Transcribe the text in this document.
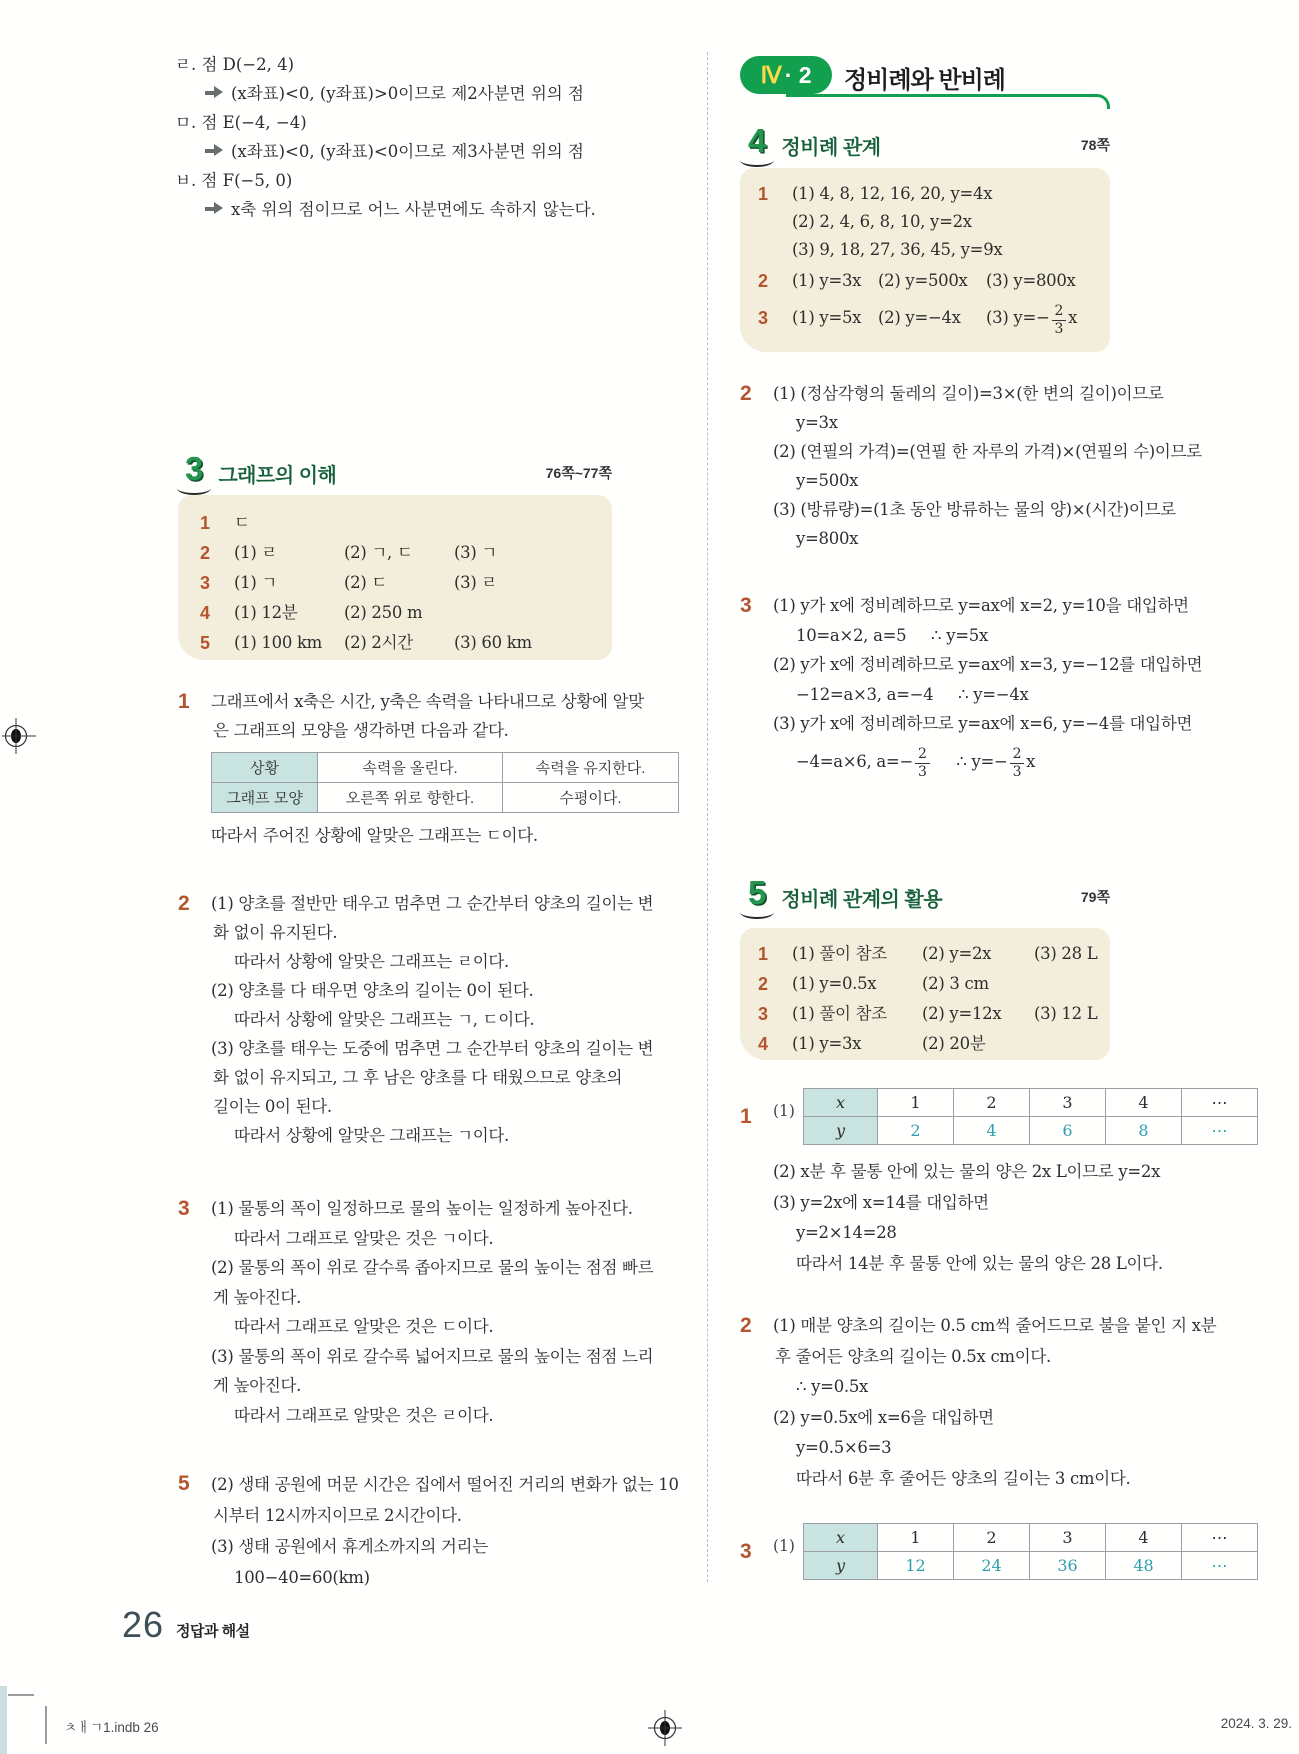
ㄹ. 점 D(−2, 4)
(x좌표)<0, (y좌표)>0이므로 제2사분면 위의 점
ㅁ. 점 E(−4, −4)
(x좌표)<0, (y좌표)<0이므로 제3사분면 위의 점
ㅂ. 점 F(−5, 0)
x축 위의 점이므로 어느 사분면에도 속하지 않는다.
3 그래프의 이해	76쪽~77쪽
1	ㄷ
2	(1) ㄹ	(2) ㄱ, ㄷ	(3) ㄱ
3	(1) ㄱ	(2) ㄷ	(3) ㄹ
4	(1) 12분	(2) 250 m
5	(1) 100 km	(2) 2시간	(3) 60 km
1 그래프에서 x축은 시간, y축은 속력을 나타내므로 상황에 알맞
은 그래프의 모양을 생각하면 다음과 같다.
상황	속력을 올린다.	속력을 유지한다.
그래프 모양	오른쪽 위로 향한다.	수평이다.
따라서 주어진 상황에 알맞은 그래프는 ㄷ이다.
2 (1) 양초를 절반만 태우고 멈추면 그 순간부터 양초의 길이는 변
화 없이 유지된다.
따라서 상황에 알맞은 그래프는 ㄹ이다.
(2) 양초를 다 태우면 양초의 길이는 0이 된다.
따라서 상황에 알맞은 그래프는 ㄱ, ㄷ이다.
(3) 양초를 태우는 도중에 멈추면 그 순간부터 양초의 길이는 변
화 없이 유지되고, 그 후 남은 양초를 다 태웠으므로 양초의
길이는 0이 된다.
따라서 상황에 알맞은 그래프는 ㄱ이다.
3 (1) 물통의 폭이 일정하므로 물의 높이는 일정하게 높아진다.
따라서 그래프로 알맞은 것은 ㄱ이다.
(2) 물통의 폭이 위로 갈수록 좁아지므로 물의 높이는 점점 빠르
게 높아진다.
따라서 그래프로 알맞은 것은 ㄷ이다.
(3) 물통의 폭이 위로 갈수록 넓어지므로 물의 높이는 점점 느리
게 높아진다.
따라서 그래프로 알맞은 것은 ㄹ이다.
5 (2) 생태 공원에 머문 시간은 집에서 떨어진 거리의 변화가 없는 10
시부터 12시까지이므로 2시간이다.
(3) 생태 공원에서 휴게소까지의 거리는
100−40=60(km)
Ⅳ · 2 정비례와 반비례
4 정비례 관계	78쪽
1	(1) 4, 8, 12, 16, 20, y=4x
(2) 2, 4, 6, 8, 10, y=2x
(3) 9, 18, 27, 36, 45, y=9x
2	(1) y=3x	(2) y=500x	(3) y=800x
3	(1) y=5x	(2) y=−4x	(3) $y=- \frac{2}{3}$ x
2 (1) (정삼각형의 둘레의 길이)=3×(한 변의 길이)이므로
y=3x
(2) (연필의 가격)=(연필 한 자루의 가격)×(연필의 수)이므로
y=500x
(3) (방류량)=(1초 동안 방류하는 물의 양)×(시간)이므로
y=800x
3 (1) y가 x에 정비례하므로 y=ax에 x=2, y=10을 대입하면
10=a×2, a=5     ∴ y=5x
(2) y가 x에 정비례하므로 y=ax에 x=3, y=−12를 대입하면
−12=a×3, a=−4     ∴ y=−4x
(3) y가 x에 정비례하므로 y=ax에 x=6, y=−4를 대입하면
−4=a×6, $a=- \frac{2}{3}$ ∴ $y=- \frac{2}{3}$ x
5 정비례 관계의 활용	79쪽
1	(1) 풀이 참조	(2) y=2x	(3) 28 L
2	(1) y=0.5x	(2) 3 cm
3	(1) 풀이 참조	(2) y=12x	(3) 12 L
4	(1) y=3x	(2) 20분
1 (1)	x	1	2	3	4	⋯
y	2	4	6	8	⋯
(2) x분 후 물통 안에 있는 물의 양은 2x L이므로 y=2x
(3) y=2x에 x=14를 대입하면
y=2×14=28
따라서 14분 후 물통 안에 있는 물의 양은 28 L이다.
2 (1) 매분 양초의 길이는 0.5 cm씩 줄어드므로 불을 붙인 지 x분
후 줄어든 양초의 길이는 0.5x cm이다.
∴ y=0.5x
(2) y=0.5x에 x=6을 대입하면
y=0.5×6=3
따라서 6분 후 줄어든 양초의 길이는 3 cm이다.
3 (1)	x	1	2	3	4	⋯
y	12	24	36	48	⋯
26 정답과 해설
ㅊㅐㄱ1.indb 26	2024. 3. 29.
